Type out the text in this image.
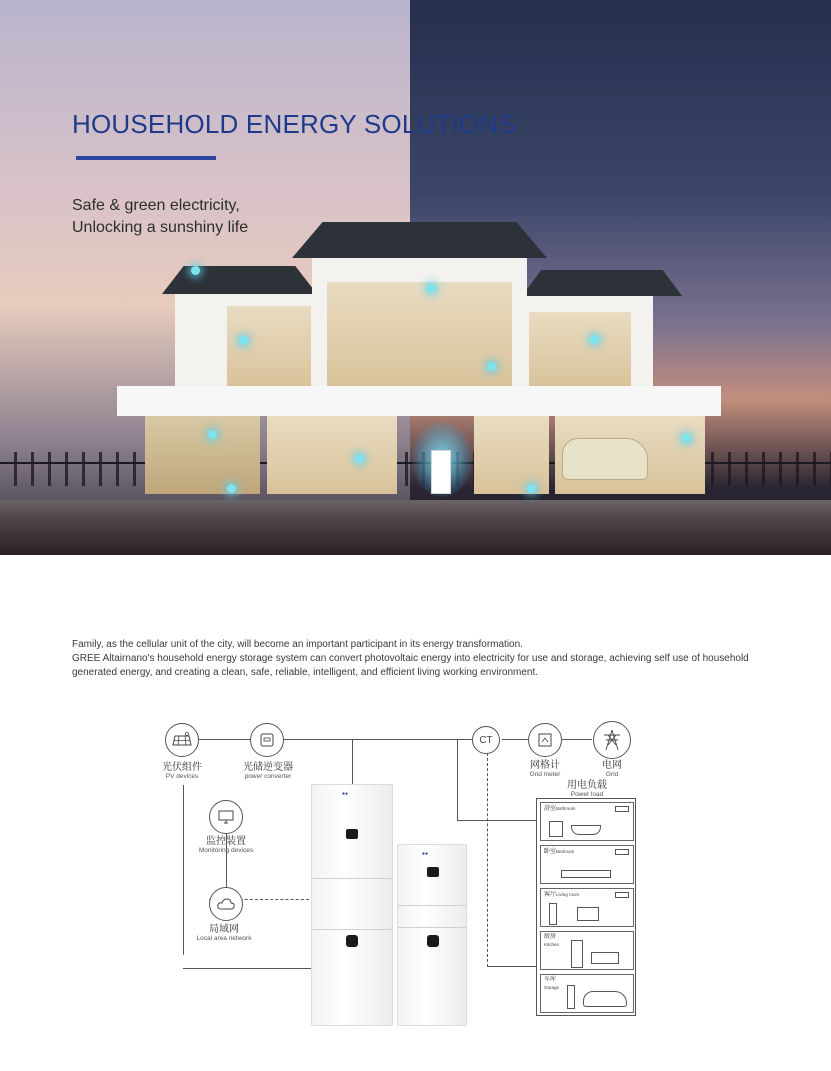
HOUSEHOLD ENERGY SOLUTIONS
Safe & green electricity,
Unlocking a sunshiny life
Family, as the cellular unit of the city, will become an important participant in its energy transformation.
GREE Altairnano's household energy storage system can convert photovoltaic energy into electricity for use and storage, achieving self use of household generated energy, and creating a clean, safe, reliable, intelligent, and efficient living working environment.
光伏组件
PV devices
光储逆变器
power converter
CT
网格计
Grid meter
电网
Grid
用电负载
Power load
监控装置
Monitoring devices
局域网
Local area network
●●
●●
浴室Bathroom
卧室Bedroom
客厅Living room
厨房
Kitchen
车库
Garage
